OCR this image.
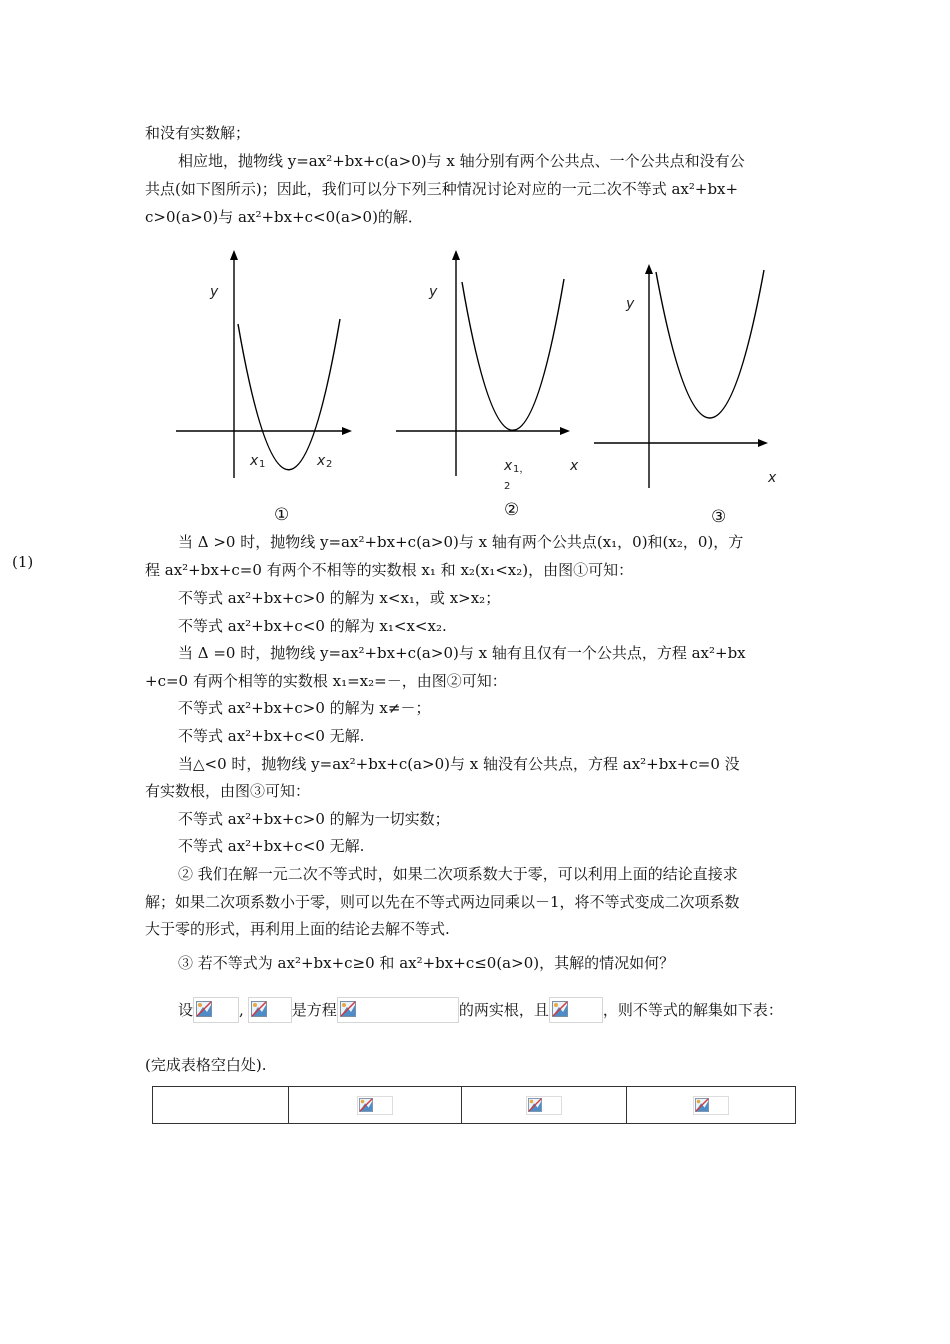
(1)
和没有实数解；
相应地，抛物线 y=ax²+bx+c(a>0)与 x 轴分别有两个公共点、一个公共点和没有公
共点(如下图所示)；因此，我们可以分下列三种情况讨论对应的一元二次不等式 ax²+bx+
c>0(a>0)与 ax²+bx+c<0(a>0)的解．
y
x 1	x 2
①
y
x 1，
2
x
②
y
x
③
当 Δ >0 时，抛物线 y=ax²+bx+c(a>0)与 x 轴有两个公共点(x₁，0)和(x₂，0)，方
程 ax²+bx+c=0 有两个不相等的实数根 x₁ 和 x₂(x₁<x₂)，由图①可知：
不等式 ax²+bx+c>0 的解为 x<x₁，或 x>x₂；
不等式 ax²+bx+c<0 的解为 x₁<x<x₂.
当 Δ =0 时，抛物线 y=ax²+bx+c(a>0)与 x 轴有且仅有一个公共点，方程 ax²+bx
+c=0 有两个相等的实数根 x₁=x₂=－，由图②可知：
不等式 ax²+bx+c>0 的解为 x≠－；
不等式 ax²+bx+c<0 无解.
当△<0 时，抛物线 y=ax²+bx+c(a>0)与 x 轴没有公共点，方程 ax²+bx+c=0 没
有实数根，由图③可知：
不等式 ax²+bx+c>0 的解为一切实数；
不等式 ax²+bx+c<0 无解.
② 我们在解一元二次不等式时，如果二次项系数大于零，可以利用上面的结论直接求
解；如果二次项系数小于零，则可以先在不等式两边同乘以－1，将不等式变成二次项系数
大于零的形式，再利用上面的结论去解不等式.
③ 若不等式为 ax²+bx+c≥0 和 ax²+bx+c≤0(a>0)，其解的情况如何？
设	,	是方程	的两实根，且	，则不等式的解集如下表：
(完成表格空白处).
